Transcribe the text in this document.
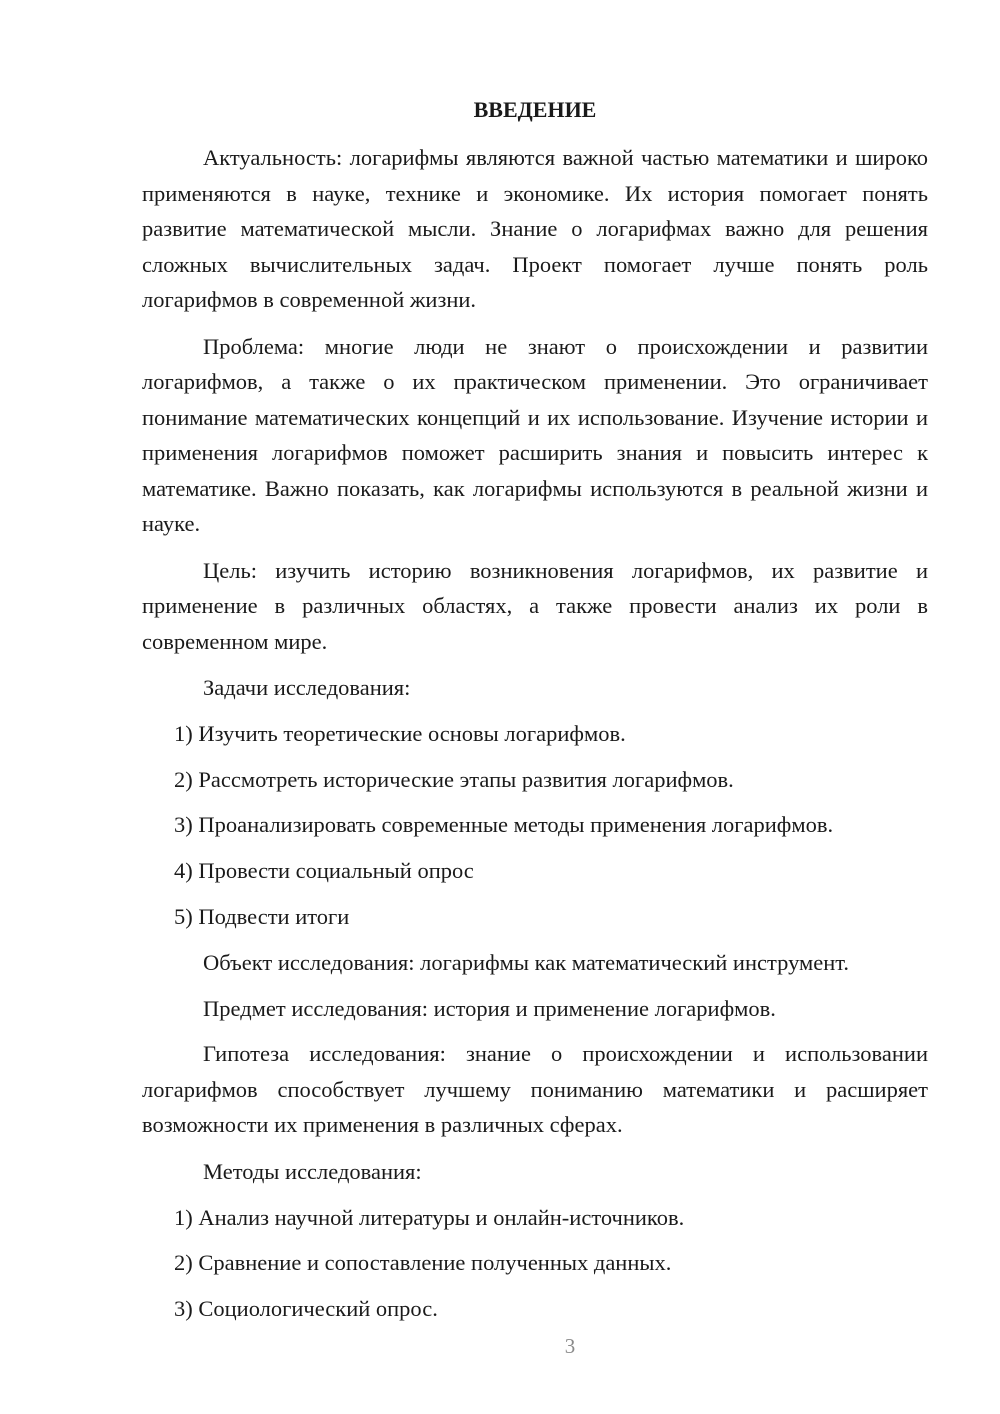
ВВЕДЕНИЕ

Актуальность: логарифмы являются важной частью математики и широко применяются в науке, технике и экономике. Их история помогает понять развитие математической мысли. Знание о логарифмах важно для решения сложных вычислительных задач. Проект помогает лучше понять роль логарифмов в современной жизни.

Проблема: многие люди не знают о происхождении и развитии логарифмов, а также о их практическом применении. Это ограничивает понимание математических концепций и их использование. Изучение истории и применения логарифмов поможет расширить знания и повысить интерес к математике. Важно показать, как логарифмы используются в реальной жизни и науке.

Цель: изучить историю возникновения логарифмов, их развитие и применение в различных областях, а также провести анализ их роли в современном мире.

Задачи исследования:
1) Изучить теоретические основы логарифмов.
2) Рассмотреть исторические этапы развития логарифмов.
3) Проанализировать современные методы применения логарифмов.
4) Провести социальный опрос
5) Подвести итоги
Объект исследования: логарифмы как математический инструмент.
Предмет исследования: история и применение логарифмов.

Гипотеза исследования: знание о происхождении и использовании логарифмов способствует лучшему пониманию математики и расширяет возможности их применения в различных сферах.

Методы исследования:
1) Анализ научной литературы и онлайн-источников.
2) Сравнение и сопоставление полученных данных.
3) Социологический опрос.
3
